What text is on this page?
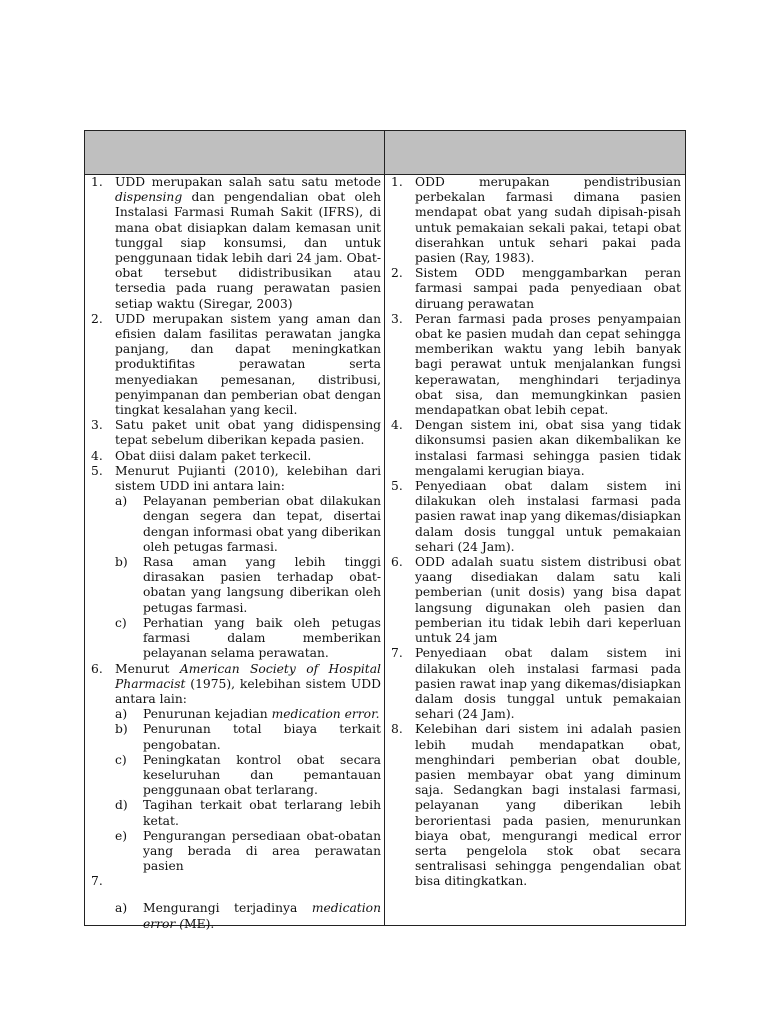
1. UDD merupakan salah satu satu metode dispensing dan pengendalian obat oleh Instalasi Farmasi Rumah Sakit (IFRS), di mana obat disiapkan dalam kemasan unit tunggal siap konsumsi, dan untuk penggunaan tidak lebih dari 24 jam. Obat-obat tersebut didistribusikan atau tersedia pada ruang perawatan pasien setiap waktu (Siregar, 2003)
2. UDD merupakan sistem yang aman dan efisien dalam fasilitas perawatan jangka panjang, dan dapat meningkatkan produktifitas perawatan serta menyediakan pemesanan, distribusi, penyimpanan dan pemberian obat dengan tingkat kesalahan yang kecil.
3. Satu paket unit obat yang didispensing tepat sebelum diberikan kepada pasien.
4. Obat diisi dalam paket terkecil.
5. Menurut Pujianti (2010), kelebihan dari sistem UDD ini antara lain:
a) Pelayanan pemberian obat dilakukan dengan segera dan tepat, disertai dengan informasi obat yang diberikan oleh petugas farmasi.
b) Rasa aman yang lebih tinggi dirasakan pasien terhadap obat-obatan yang langsung diberikan oleh petugas farmasi.
c) Perhatian yang baik oleh petugas farmasi dalam memberikan pelayanan selama perawatan.
6. Menurut American Society of Hospital Pharmacist (1975), kelebihan sistem UDD antara lain:
a) Penurunan kejadian medication error.
b) Penurunan total biaya terkait pengobatan.
c) Peningkatan kontrol obat secara keseluruhan dan pemantauan penggunaan obat terlarang.
d) Tagihan terkait obat terlarang lebih ketat.
e) Pengurangan persediaan obat-obatan yang berada di area perawatan pasien
7.
a) Mengurangi terjadinya medication error (ME).
1. ODD merupakan pendistribusian perbekalan farmasi dimana pasien mendapat obat yang sudah dipisah-pisah untuk pemakaian sekali pakai, tetapi obat diserahkan untuk sehari pakai pada pasien (Ray, 1983).
2. Sistem ODD menggambarkan peran farmasi sampai pada penyediaan obat diruang perawatan
3. Peran farmasi pada proses penyampaian obat ke pasien mudah dan cepat sehingga memberikan waktu yang lebih banyak bagi perawat untuk menjalankan fungsi keperawatan, menghindari terjadinya obat sisa, dan memungkinkan pasien mendapatkan obat lebih cepat.
4. Dengan sistem ini, obat sisa yang tidak dikonsumsi pasien akan dikembalikan ke instalasi farmasi sehingga pasien tidak mengalami kerugian biaya.
5. Penyediaan obat dalam sistem ini dilakukan oleh instalasi farmasi pada pasien rawat inap yang dikemas/disiapkan dalam dosis tunggal untuk pemakaian sehari (24 Jam).
6. ODD adalah suatu sistem distribusi obat yaang disediakan dalam satu kali pemberian (unit dosis) yang bisa dapat langsung digunakan oleh pasien dan pemberian itu tidak lebih dari keperluan untuk 24 jam
7. Penyediaan obat dalam sistem ini dilakukan oleh instalasi farmasi pada pasien rawat inap yang dikemas/disiapkan dalam dosis tunggal untuk pemakaian sehari (24 Jam).
8. Kelebihan dari sistem ini adalah pasien lebih mudah mendapatkan obat, menghindari pemberian obat double, pasien membayar obat yang diminum saja. Sedangkan bagi instalasi farmasi, pelayanan yang diberikan lebih berorientasi pada pasien, menurunkan biaya obat, mengurangi medical error serta pengelola stok obat secara sentralisasi sehingga pengendalian obat bisa ditingkatkan.
